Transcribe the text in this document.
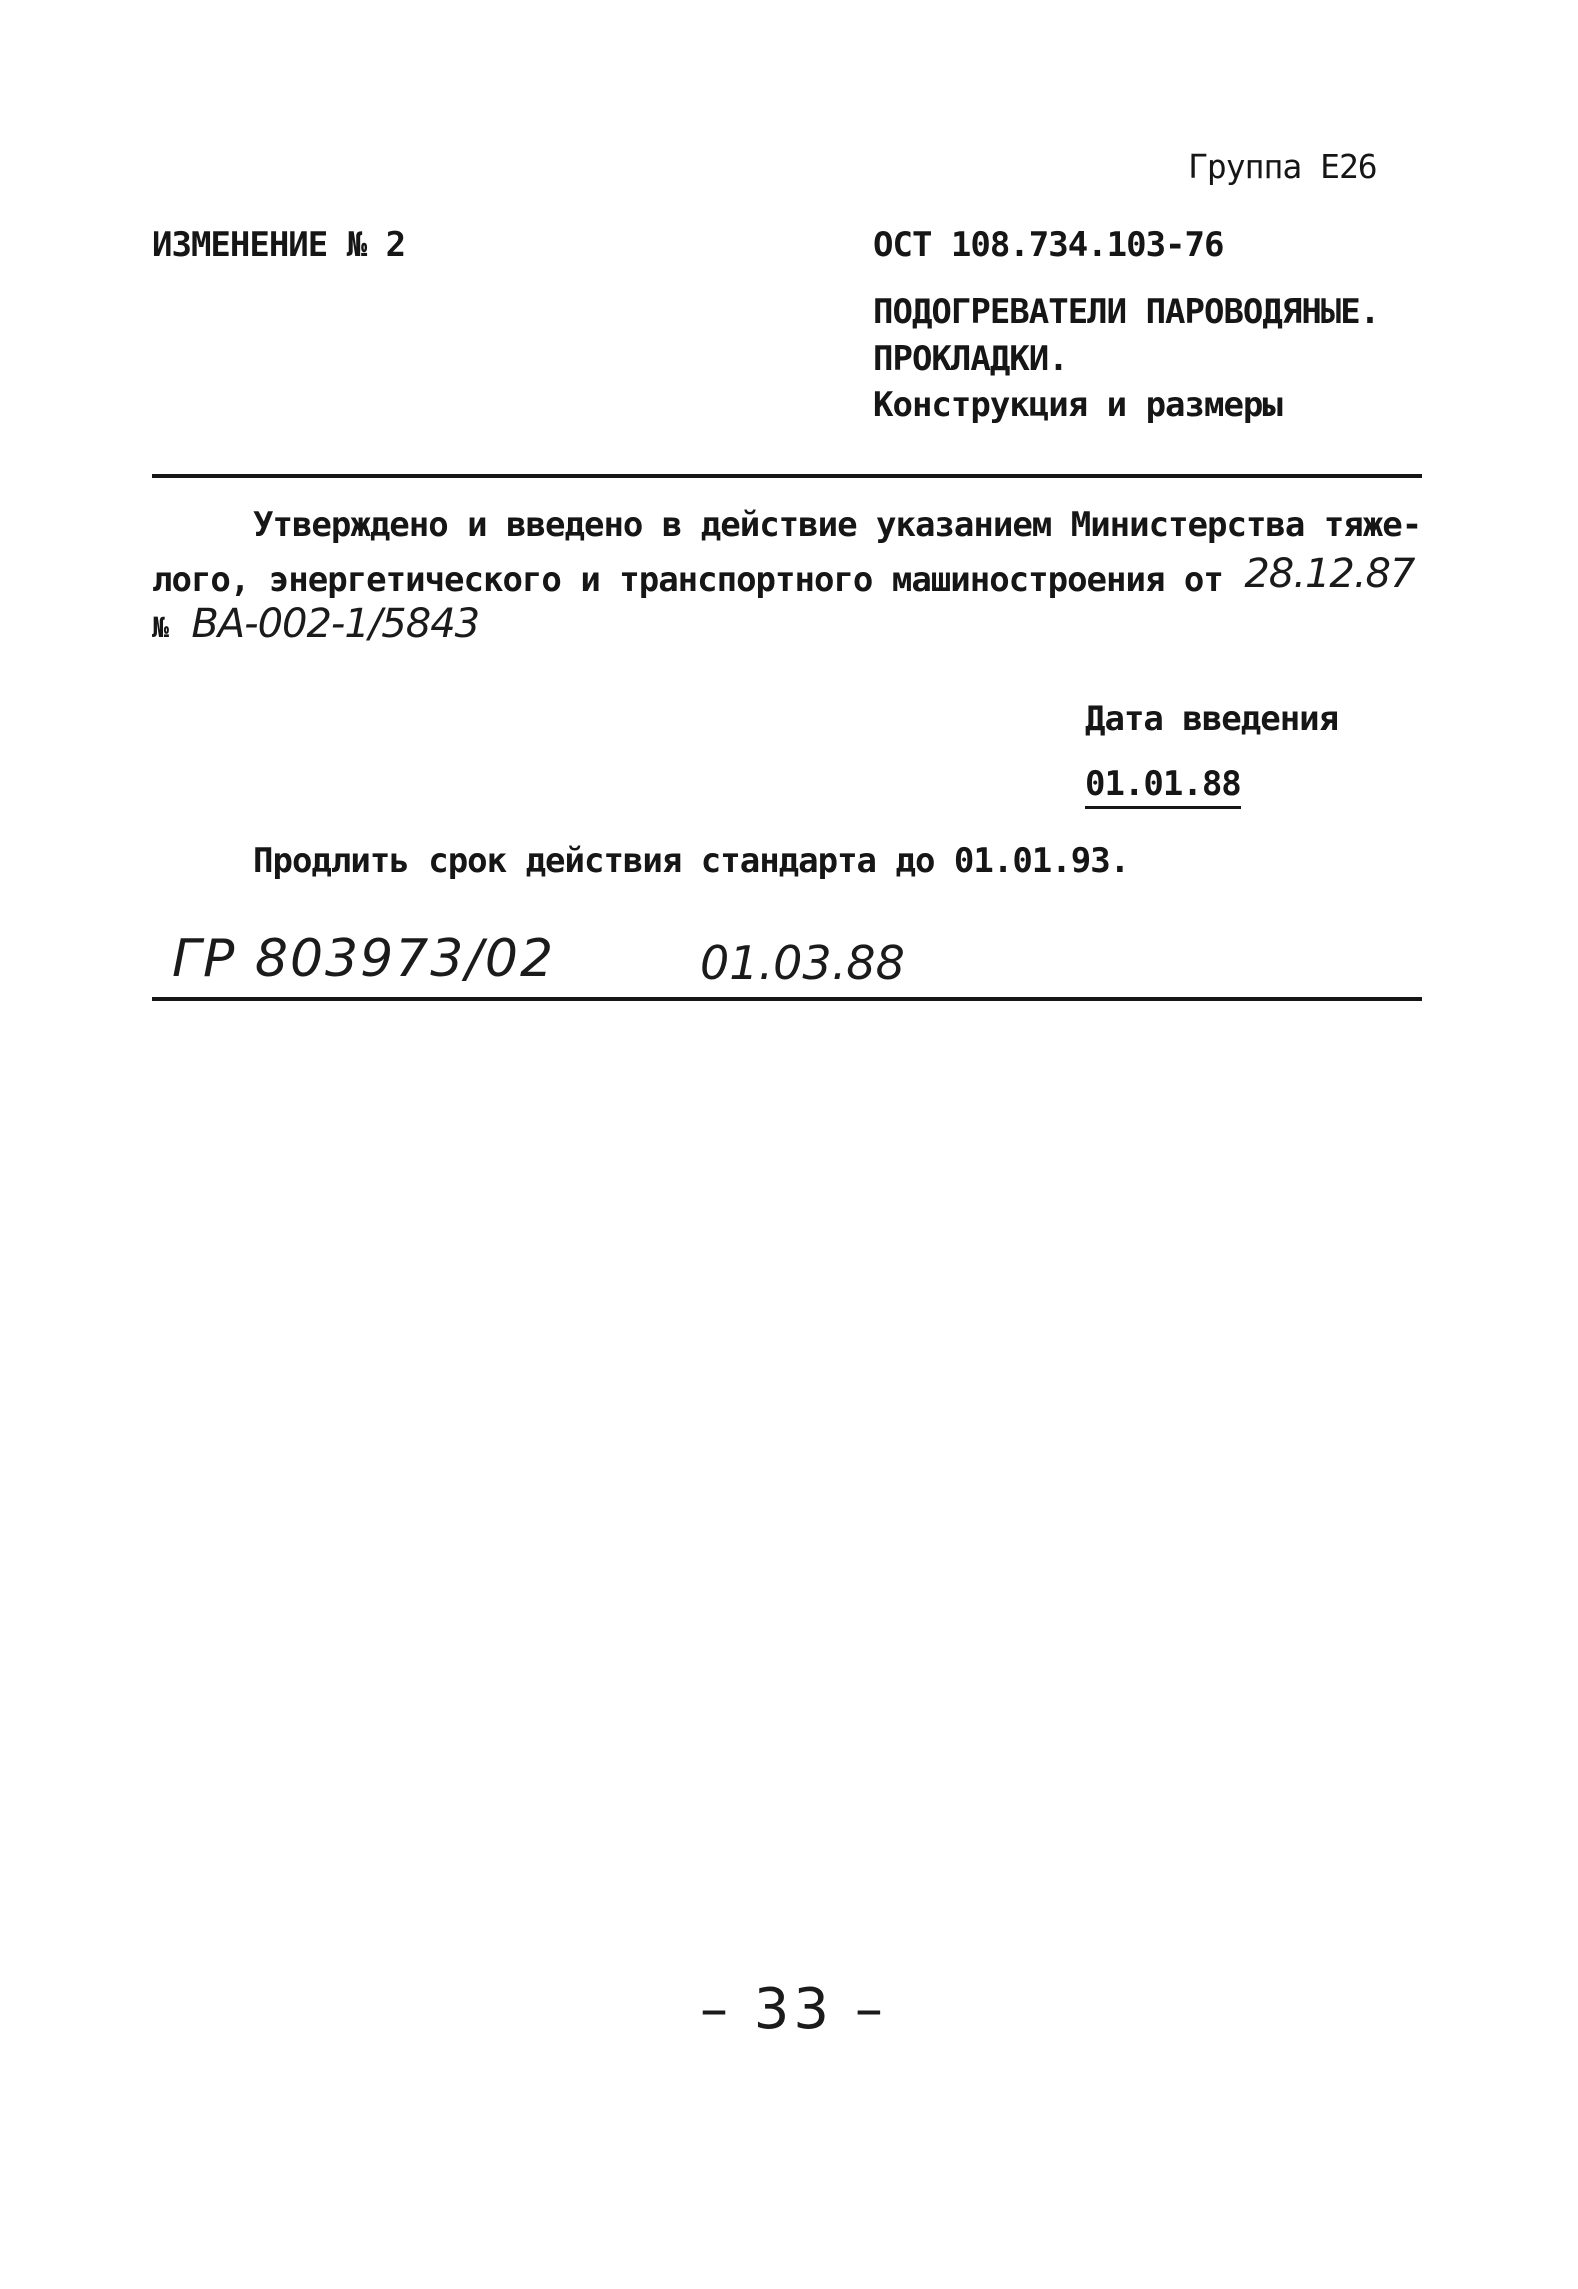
Группа Е26
ИЗМЕНЕНИЕ № 2	ОСТ 108.734.103-76
ПОДОГРЕВАТЕЛИ ПАРОВОДЯНЫЕ.
ПРОКЛАДКИ.
Конструкция и размеры
Утверждено и введено в действие указанием Министерства тяже-
лого, энергетического и транспортного машиностроения от 28.12.87
№ ВА-002-1/5843
Дата введения
01.01.88
Продлить срок действия стандарта до 01.01.93.
ГР 803973/02	01.03.88
– 33 –
